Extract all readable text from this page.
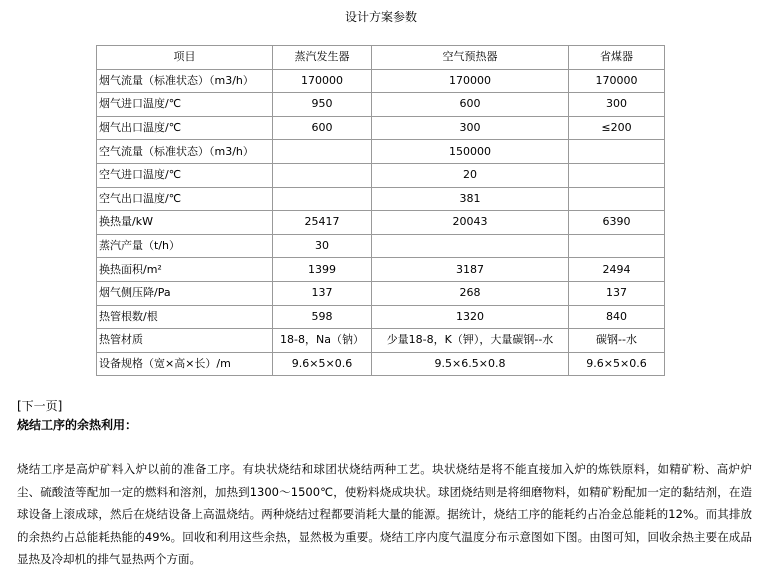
设计方案参数
项目	蒸汽发生器	空气预热器	省煤器
烟气流量（标准状态）（m3/h）	170000	170000	170000
烟气进口温度/℃	950	600	300
烟气出口温度/℃	600	300	≤200
空气流量（标准状态）（m3/h）		150000	
空气进口温度/℃		20	
空气出口温度/℃		381	
换热量/kW	25417	20043	6390
蒸汽产量（t/h）	30		
换热面积/m²	1399	3187	2494
烟气侧压降/Pa	137	268	137
热管根数/根	598	1320	840
热管材质	18-8，Na（钠）	少量18-8，K（钾），大量碳钢--水	碳钢--水
设备规格（宽×高×长）/m	9.6×5×0.6	9.5×6.5×0.8	9.6×5×0.6
[下一页]
烧结工序的余热利用：
烧结工序是高炉矿料入炉以前的准备工序。有块状烧结和球团状烧结两种工艺。块状烧结是将不能直接加入炉的炼铁原料，如精矿粉、高炉炉尘、硫酸渣等配加一定的燃料和溶剂，加热到1300～1500℃，使粉料烧成块状。球团烧结则是将细磨物料，如精矿粉配加一定的黏结剂，在造球设备上滚成球，然后在烧结设备上高温烧结。两种烧结过程都要消耗大量的能源。据统计，烧结工序的能耗约占冶金总能耗的12%。而其排放的余热约占总能耗热能的49%。回收和利用这些余热，显然极为重要。烧结工序内度气温度分布示意图如下图。由图可知，回收余热主要在成品显热及冷却机的排气显热两个方面。
